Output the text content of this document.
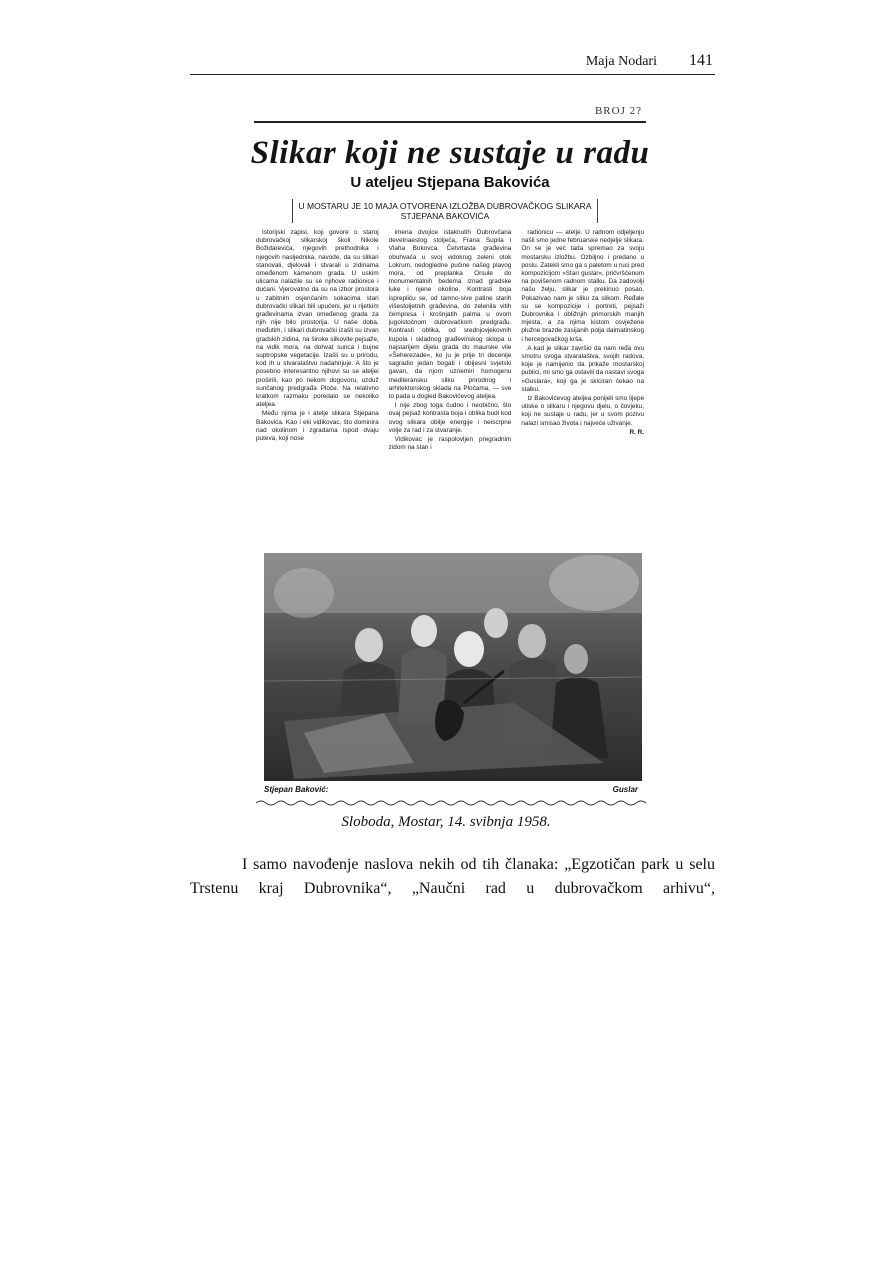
Maja Nodari 141
BROJ 2?
Slikar koji ne sustaje u radu
U ateljeu Stjepana Bakovića
U MOSTARU JE 10 MAJA OTVORENA IZLOŽBA DUBROVAČKOG SLIKARA STJEPANA BAKOVIĆA

Istorijski zapisi, koji govore o staroj dubrovačkoj slikarskoj školi Nikole Božidarevića, njegovih prethodnika i njegovih nasljednika, navode, da su slikari stanovali, djelovali i stvarali u zidinama omeđenom kamenom grada. U uskim ulicama nalazile su se njihove radionice i dućani. Vjerovatno da su na izbor prostora u zabitnim osjenčanim sokacima stari dubrovački slikari bili upućeni, jer u rijetkim građevinama izvan omeđenog grada za njih nije bilo prostorija. U naše doba, međutim, i slikari dubrovački izašli su izvan gradskih zidina, na široke slikovite pejsaže, na vidik mora, na dohvat sunca i bujne suptropske vegetacije. Izašli su u prirodu, kod ih u stvaralaštvu nadahnjuje. A što je posebno interesantno njihovi su se ateljei proširili, kao po nekom dogovoru, uzduž sunčanog predgrađa Ploče. Na relativno kratkom razmaku poredalo se nekoliko ateljea.

Među njima je i atelje slikara Stjepana Bakovića. Kao i eki vidikovac, što dominira nad okolinom i zgradama ispod dvaju puteva, koji nose

imena dvojice istaknutih Dubrovčana devetnaestog stoljeća, Frana Supila i Vlaha Bukovca. Četvrtasta građevina obuhvaća u svoj vidokrug zeleni otok Lokrum, nedogledne pučine našeg plavog mora, od preplanka Orsule do monumentalnih bedema iznad gradske luke i njene okoline. Kontrasti boja isprepliću se, od tamno-sive patine starih višestoljetnih građevina, do zelenila vitih čempresa i krošnjatih palma u ovom jugoistočnom dubrovačkom predgrađu. Kontrasti oblika, od srednjovjekovnih kupola i skladnog građevinskog sklopa u najstarijem dijelu grada do maurske vile »Šeherezade«, ko ju je prije tri decenije sagradio jedan bogati i obijesni svjetski gavan, da njom uznemiri homogenu mediteransku sliku prirodnog i arhitektonskog sklada na Pločama, — sve to pada u dogled Bakovićevog ateljea.

I nije zbog toga čudno i neobično, što ovaj pejsaž kontrasta boja i oblika budi kod ovog slikara obilje energije i neiscrpne volje za rad i za stvaranje.

Vidikovac je raspolovljen pregradnim zidom na stan i

radionicu — atelje. U radnom odjeljenju našli smo jedne februarske nedjelje slikara. On se je već tada spremao za svoju mostarsku izložbu. Ozbiljno i predano u poslu. Zatekli smo ga s paletom u ruci pred kompozicijom »Stari guslar«, pričvršćenom na povišenom radnom stalku. Da zadovolji našu želju, slikar je prekinuo posao. Pokazivao nam je sliku za slikom. Ređale su se kompozicije i portreti, pejsaži Dubrovnika i obližnjih primorskih manjih mjesta, a za njima kistom osvježene plužne brazde zasijanih polja dalmatinskog i hercegovačkog krša.

A kad je slikar završio da nam ređa ovu smotru svoga stvaralaštva, svojih radova, koje je namijenio da prikaže mostarskoj publici, mi smo ga ostavili da nastavi svoga »Guslara«, koji ga je skiciran čekao na stalku.

Iz Bakovićevog ateljea ponijeli smo lijepe utiske o slikaru i njegovu djelu, o čovjeku, koji ne sustaje u radu, jer u svom pozivu nalazi smisao života i najveće uživanje.

R. R.

Stjepan Baković:	Guslar
Sloboda, Mostar, 14. svibnja 1958.

I samo navođenje naslova nekih od tih članaka: „Egzotičan park u selu Trstenu kraj Dubrovnika“, „Naučni rad u dubrovačkom arhivu“,
